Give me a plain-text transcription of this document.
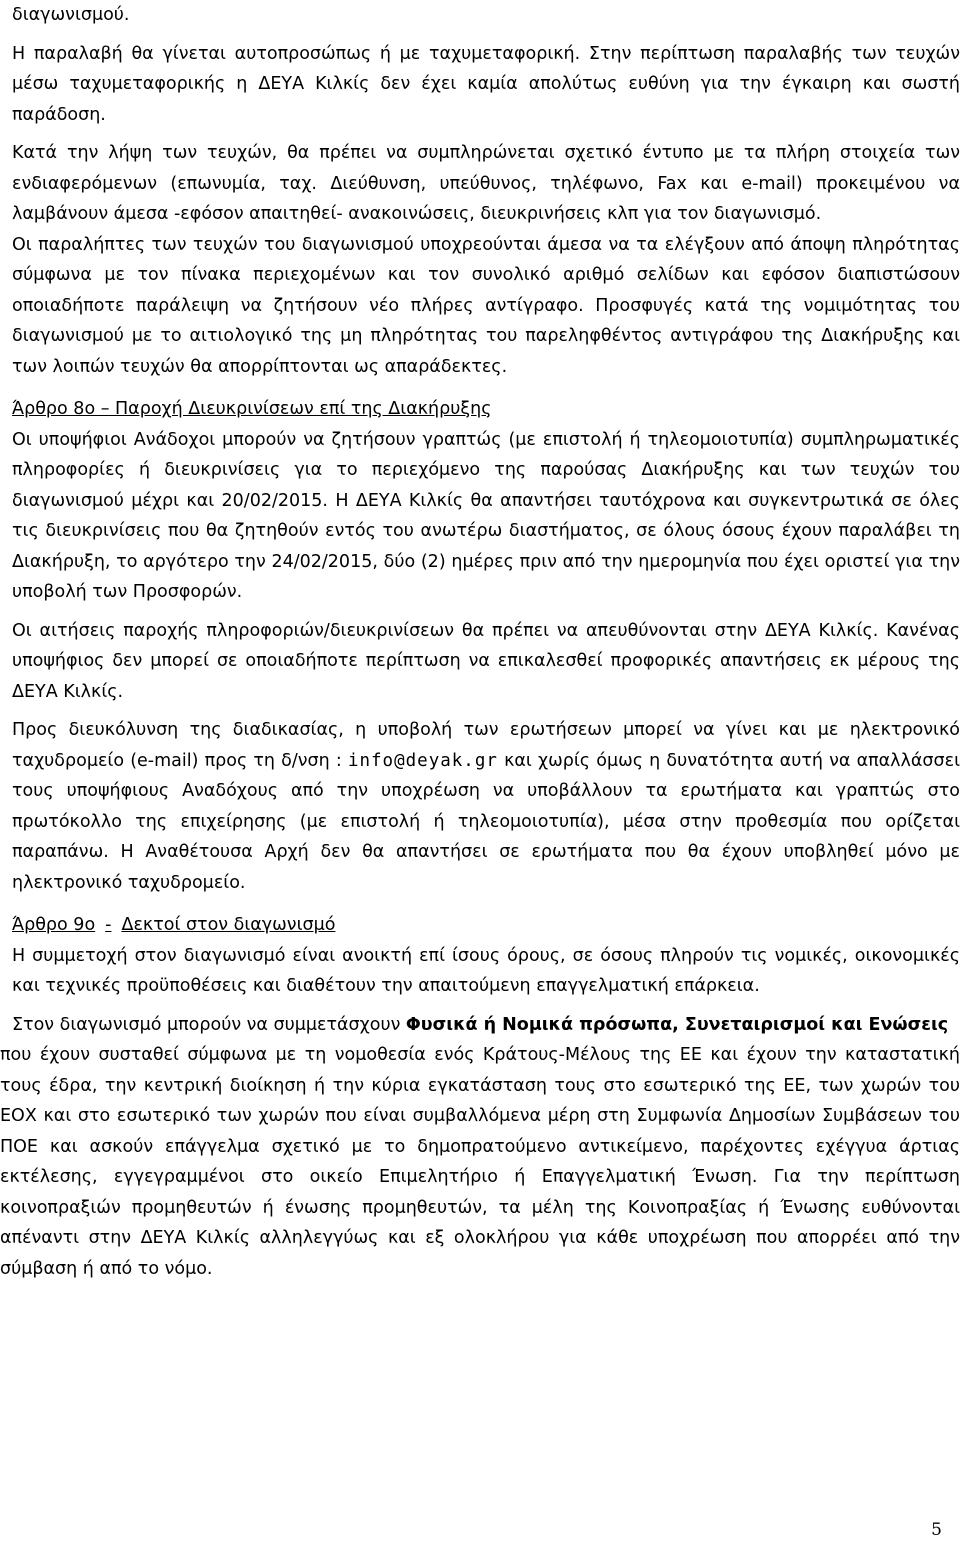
διαγωνισμού.

Η παραλαβή θα γίνεται αυτοπροσώπως ή με ταχυμεταφορική. Στην περίπτωση παραλαβής των τευχών μέσω ταχυμεταφορικής η ΔΕΥΑ Κιλκίς δεν έχει καμία απολύτως ευθύνη για την έγκαιρη και σωστή παράδοση.

Κατά την λήψη των τευχών, θα πρέπει να συμπληρώνεται σχετικό έντυπο με τα πλήρη στοιχεία των ενδιαφερόμενων (επωνυμία, ταχ. Διεύθυνση, υπεύθυνος, τηλέφωνο, Fax και e-mail) προκειμένου να λαμβάνουν άμεσα -εφόσον απαιτηθεί- ανακοινώσεις, διευκρινήσεις κλπ για τον διαγωνισμό.

Οι παραλήπτες των τευχών του διαγωνισμού υποχρεούνται άμεσα να τα ελέγξουν από άποψη πληρότητας σύμφωνα με τον πίνακα περιεχομένων και τον συνολικό αριθμό σελίδων και εφόσον διαπιστώσουν οποιαδήποτε παράλειψη να ζητήσουν νέο πλήρες αντίγραφο. Προσφυγές κατά της νομιμότητας του διαγωνισμού με το αιτιολογικό της μη πληρότητας του παρεληφθέντος αντιγράφου της Διακήρυξης και των λοιπών τευχών θα απορρίπτονται ως απαράδεκτες.

Άρθρο 8ο – Παροχή Διευκρινίσεων επί της Διακήρυξης

Οι υποψήφιοι Ανάδοχοι μπορούν να ζητήσουν γραπτώς (με επιστολή ή τηλεομοιοτυπία) συμπληρωματικές πληροφορίες ή διευκρινίσεις για το περιεχόμενο της παρούσας Διακήρυξης και των τευχών του διαγωνισμού μέχρι και 20/02/2015. Η ΔΕΥΑ Κιλκίς θα απαντήσει ταυτόχρονα και συγκεντρωτικά σε όλες τις διευκρινίσεις που θα ζητηθούν εντός του ανωτέρω διαστήματος, σε όλους όσους έχουν παραλάβει τη Διακήρυξη, το αργότερο την 24/02/2015, δύο (2) ημέρες πριν από την ημερομηνία που έχει οριστεί για την υποβολή των Προσφορών.

Οι αιτήσεις παροχής πληροφοριών/διευκρινίσεων θα πρέπει να απευθύνονται στην ΔΕΥΑ Κιλκίς. Κανένας υποψήφιος δεν μπορεί σε οποιαδήποτε περίπτωση να επικαλεσθεί προφορικές απαντήσεις εκ μέρους της ΔΕΥΑ Κιλκίς.

Προς διευκόλυνση της διαδικασίας, η υποβολή των ερωτήσεων μπορεί να γίνει και με ηλεκτρονικό ταχυδρομείο (e-mail) προς τη δ/νση : info@deyak.gr και χωρίς όμως η δυνατότητα αυτή να απαλλάσσει τους υποψήφιους Αναδόχους από την υποχρέωση να υποβάλλουν τα ερωτήματα και γραπτώς στο πρωτόκολλο της επιχείρησης (με επιστολή ή τηλεομοιοτυπία), μέσα στην προθεσμία που ορίζεται παραπάνω. Η Αναθέτουσα Αρχή δεν θα απαντήσει σε ερωτήματα που θα έχουν υποβληθεί μόνο με ηλεκτρονικό ταχυδρομείο.

Άρθρο 9ο - Δεκτοί στον διαγωνισμό

Η συμμετοχή στον διαγωνισμό είναι ανοικτή επί ίσους όρους, σε όσους πληρούν τις νομικές, οικονομικές και τεχνικές προϋποθέσεις και διαθέτουν την απαιτούμενη επαγγελματική επάρκεια.

Στον διαγωνισμό μπορούν να συμμετάσχουν Φυσικά ή Νομικά πρόσωπα, Συνεταιρισμοί και Ενώσεις

που έχουν συσταθεί σύμφωνα με τη νομοθεσία ενός Κράτους-Μέλους της ΕΕ και έχουν την καταστατική τους έδρα, την κεντρική διοίκηση ή την κύρια εγκατάσταση τους στο εσωτερικό της ΕΕ, των χωρών του ΕΟΧ και στο εσωτερικό των χωρών που είναι συμβαλλόμενα μέρη στη Συμφωνία Δημοσίων Συμβάσεων του ΠΟΕ και ασκούν επάγγελμα σχετικό με το δημοπρατούμενο αντικείμενο, παρέχοντες εχέγγυα άρτιας εκτέλεσης, εγγεγραμμένοι στο οικείο Επιμελητήριο ή Επαγγελματική Ένωση. Για την περίπτωση κοινοπραξιών προμηθευτών ή ένωσης προμηθευτών, τα μέλη της Κοινοπραξίας ή Ένωσης ευθύνονται απέναντι στην ΔΕΥΑ Κιλκίς αλληλεγγύως και εξ ολοκλήρου για κάθε υποχρέωση που απορρέει από την σύμβαση ή από το νόμο.

5
